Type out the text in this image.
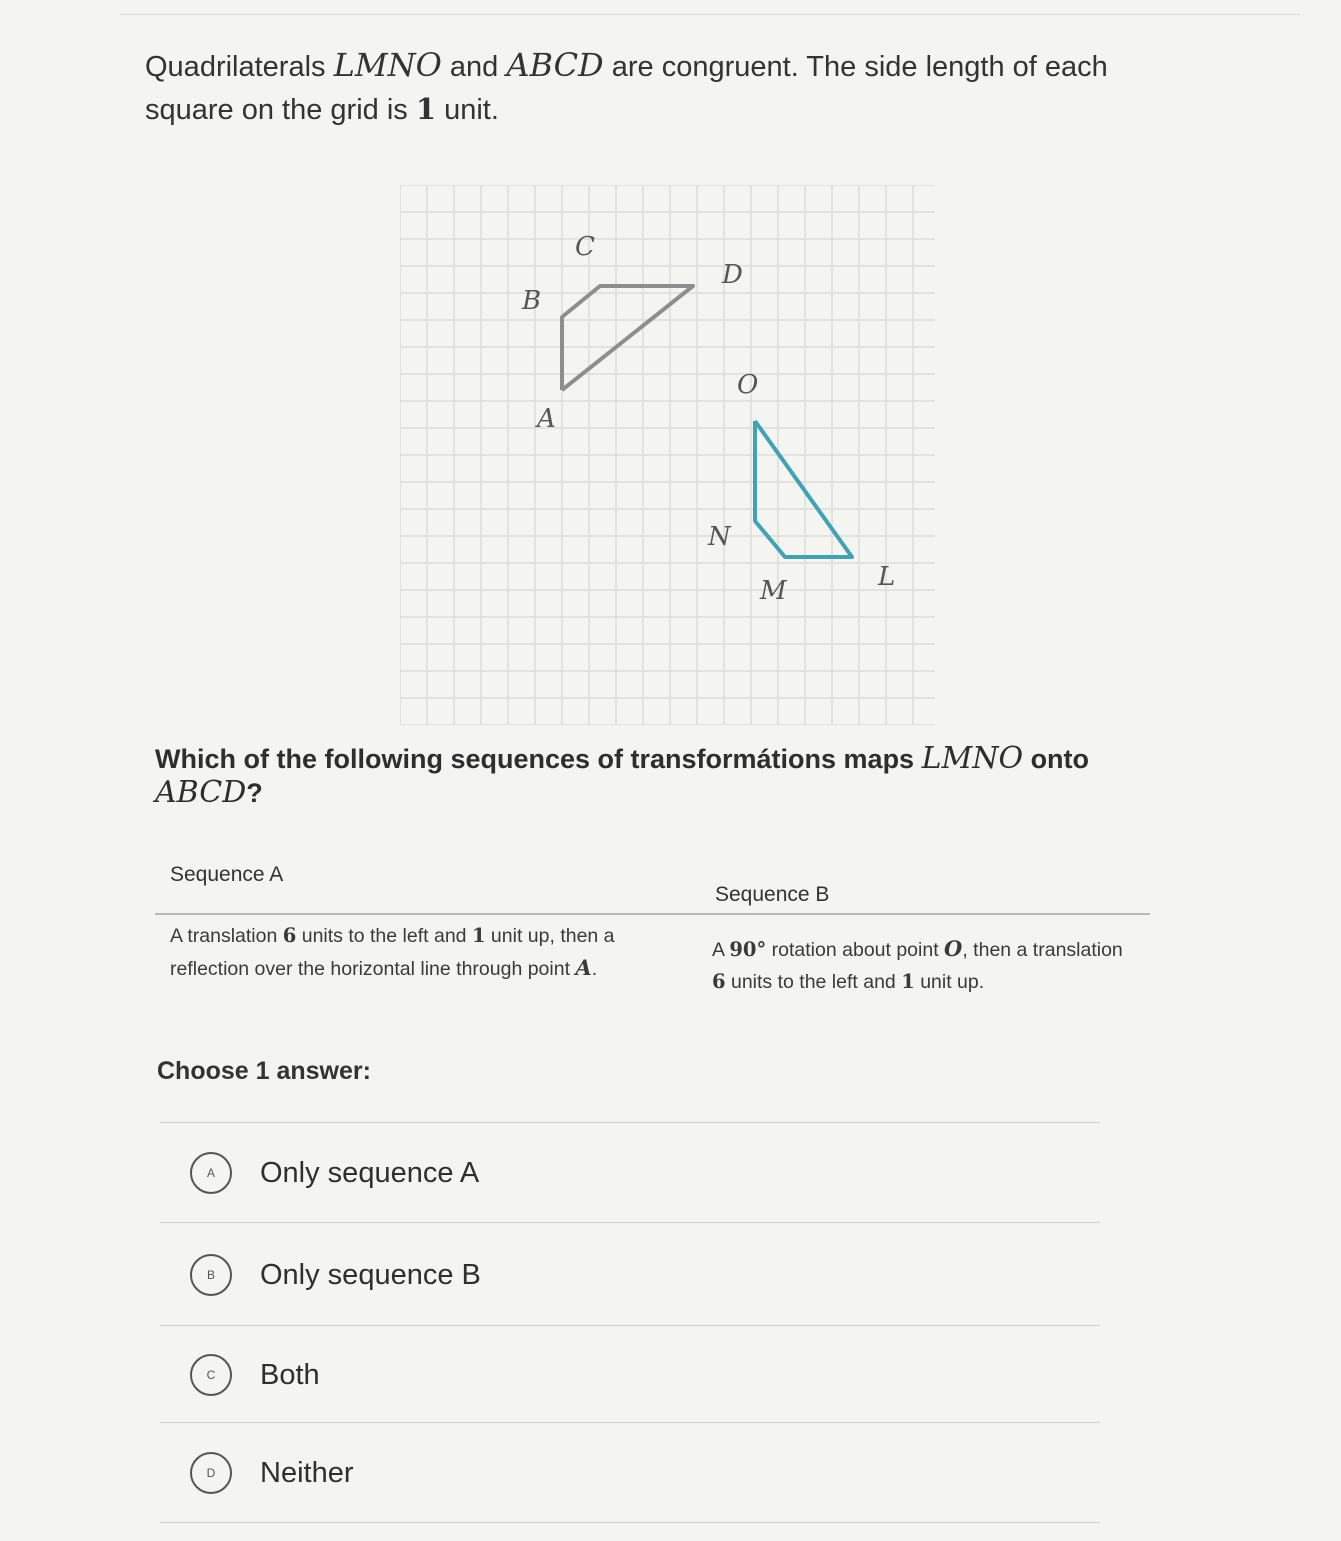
Quadrilaterals LMNO and ABCD are congruent. The side length of each square on the grid is 1 unit.
C
D
B
A
O
N
M	L
Which of the following sequences of transformátions maps LMNO onto
ABCD?
Sequence A
Sequence B
A translation 6 units to the left and 1 unit up, then a reflection over the horizontal line through point A.
A 90° rotation about point O, then a translation 6 units to the left and 1 unit up.
Choose 1 answer:
A Only sequence A
B Only sequence B
C Both
D Neither
